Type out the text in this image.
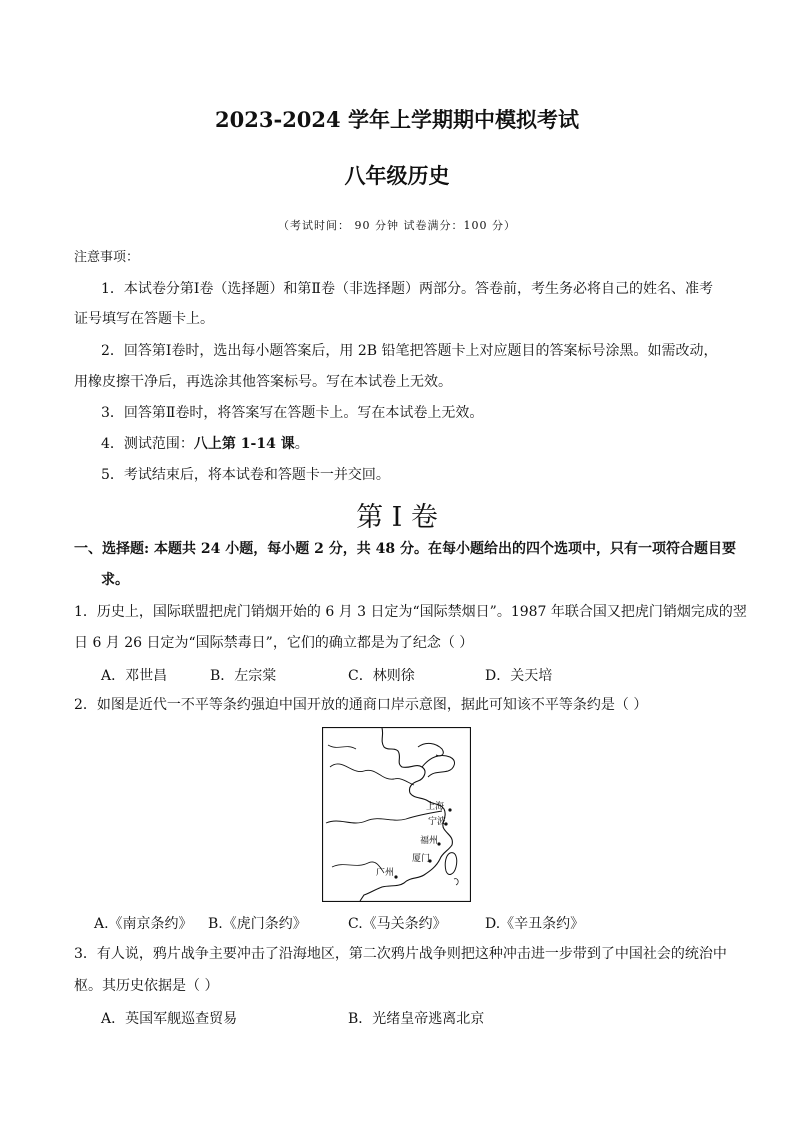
2023-2024 学年上学期期中模拟考试
八年级历史
（考试时间： 90 分钟 试卷满分：100 分）
注意事项：
1．本试卷分第Ⅰ卷（选择题）和第Ⅱ卷（非选择题）两部分。答卷前，考生务必将自己的姓名、准考
证号填写在答题卡上。
2．回答第Ⅰ卷时，选出每小题答案后，用 2B 铅笔把答题卡上对应题目的答案标号涂黑。如需改动，
用橡皮擦干净后，再选涂其他答案标号。写在本试卷上无效。
3．回答第Ⅱ卷时，将答案写在答题卡上。写在本试卷上无效。
4．测试范围：八上第 1-14 课。
5．考试结束后，将本试卷和答题卡一并交回。
第 I 卷
一、选择题: 本题共 24 小题，每小题 2 分，共 48 分。在每小题给出的四个选项中，只有一项符合题目要
求。
1．历史上，国际联盟把虎门销烟开始的 6 月 3 日定为“国际禁烟日”。1987 年联合国又把虎门销烟完成的翌
日 6 月 26 日定为“国际禁毒日”，它们的确立都是为了纪念（ ）
A．邓世昌	B．左宗棠	C．林则徐	D．关天培
2．如图是近代一不平等条约强迫中国开放的通商口岸示意图，据此可知该不平等条约是（ ）
上海
宁波
福州
厦门
广州
A.《南京条约》 B.《虎门条约》	C.《马关条约》	D.《辛丑条约》
3．有人说，鸦片战争主要冲击了沿海地区，第二次鸦片战争则把这种冲击进一步带到了中国社会的统治中
枢。其历史依据是（ ）
A．英国军舰巡查贸易	B．光绪皇帝逃离北京
